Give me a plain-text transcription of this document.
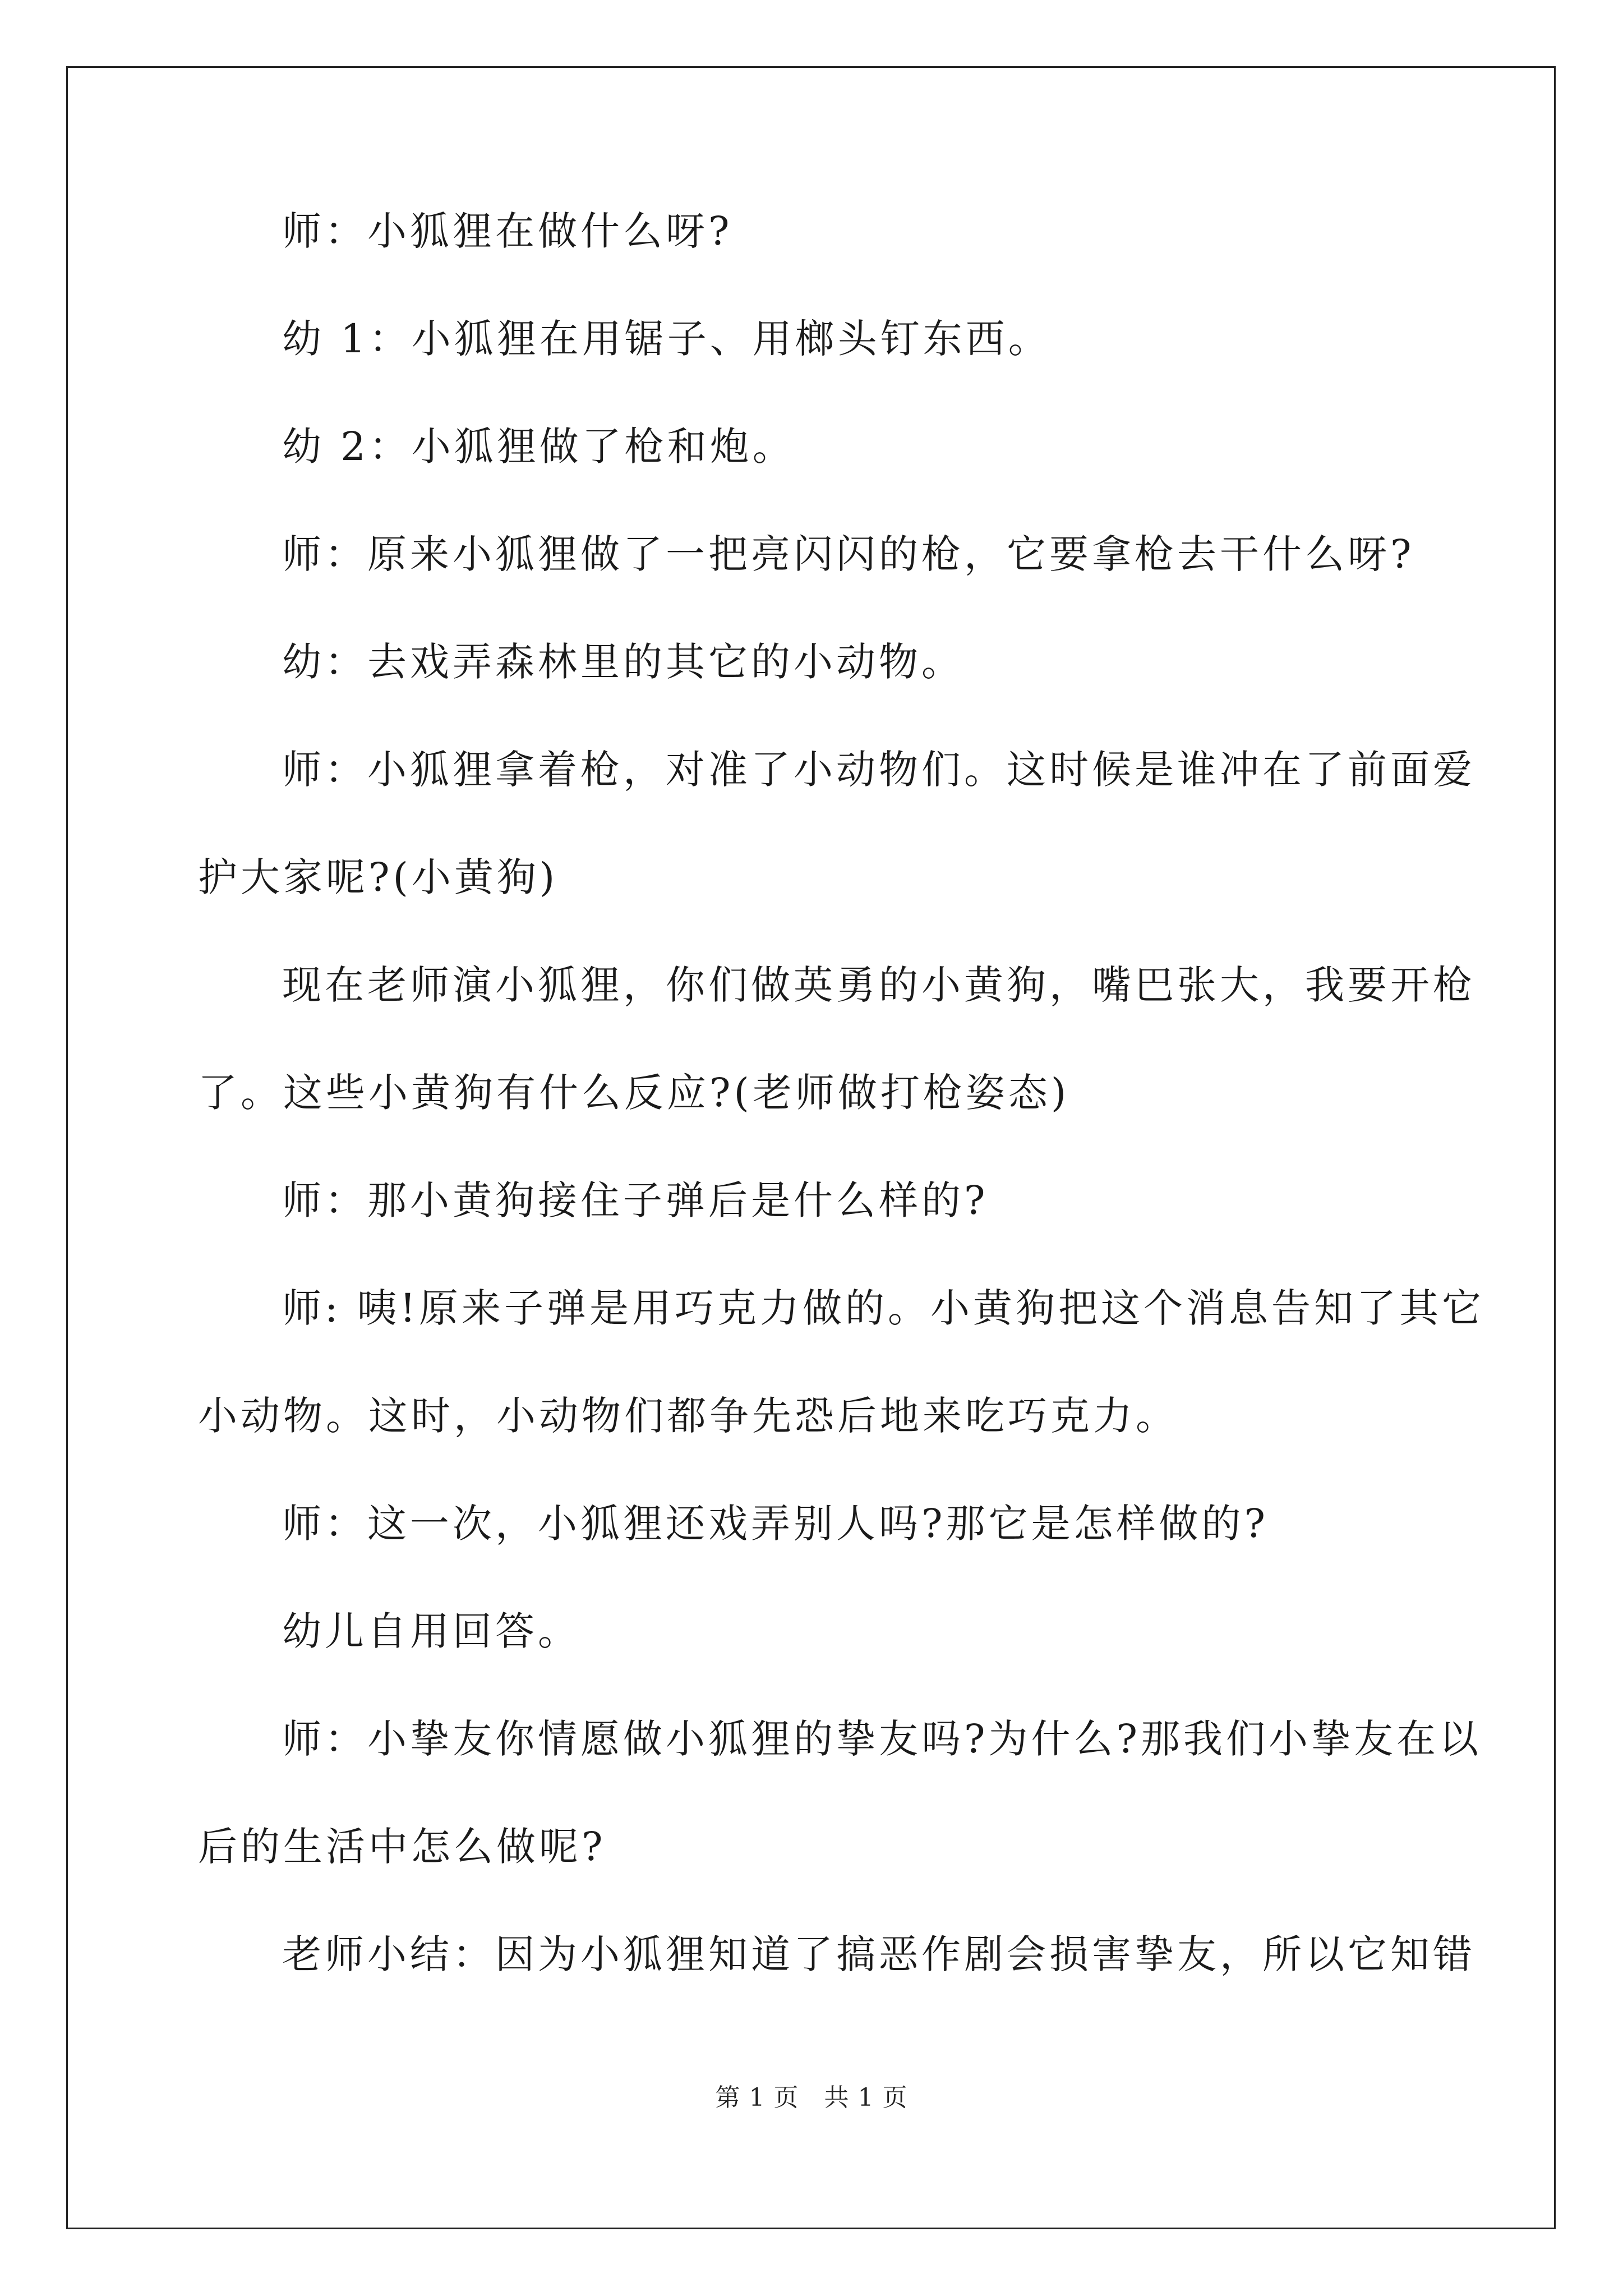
师：小狐狸在做什么呀?
幼 1：小狐狸在用锯子、用榔头钉东西。
幼 2：小狐狸做了枪和炮。
师：原来小狐狸做了一把亮闪闪的枪，它要拿枪去干什么呀?
幼：去戏弄森林里的其它的小动物。
师：小狐狸拿着枪，对准了小动物们。这时候是谁冲在了前面爱
护大家呢?(小黄狗)
现在老师演小狐狸，你们做英勇的小黄狗，嘴巴张大，我要开枪
了。这些小黄狗有什么反应?(老师做打枪姿态)
师：那小黄狗接住子弹后是什么样的?
师: 咦!原来子弹是用巧克力做的。小黄狗把这个消息告知了其它
小动物。这时，小动物们都争先恐后地来吃巧克力。
师：这一次，小狐狸还戏弄别人吗?那它是怎样做的?
幼儿自用回答。
师：小挚友你情愿做小狐狸的挚友吗?为什么?那我们小挚友在以
后的生活中怎么做呢?
老师小结：因为小狐狸知道了搞恶作剧会损害挚友，所以它知错
第 1 页　共 1 页
